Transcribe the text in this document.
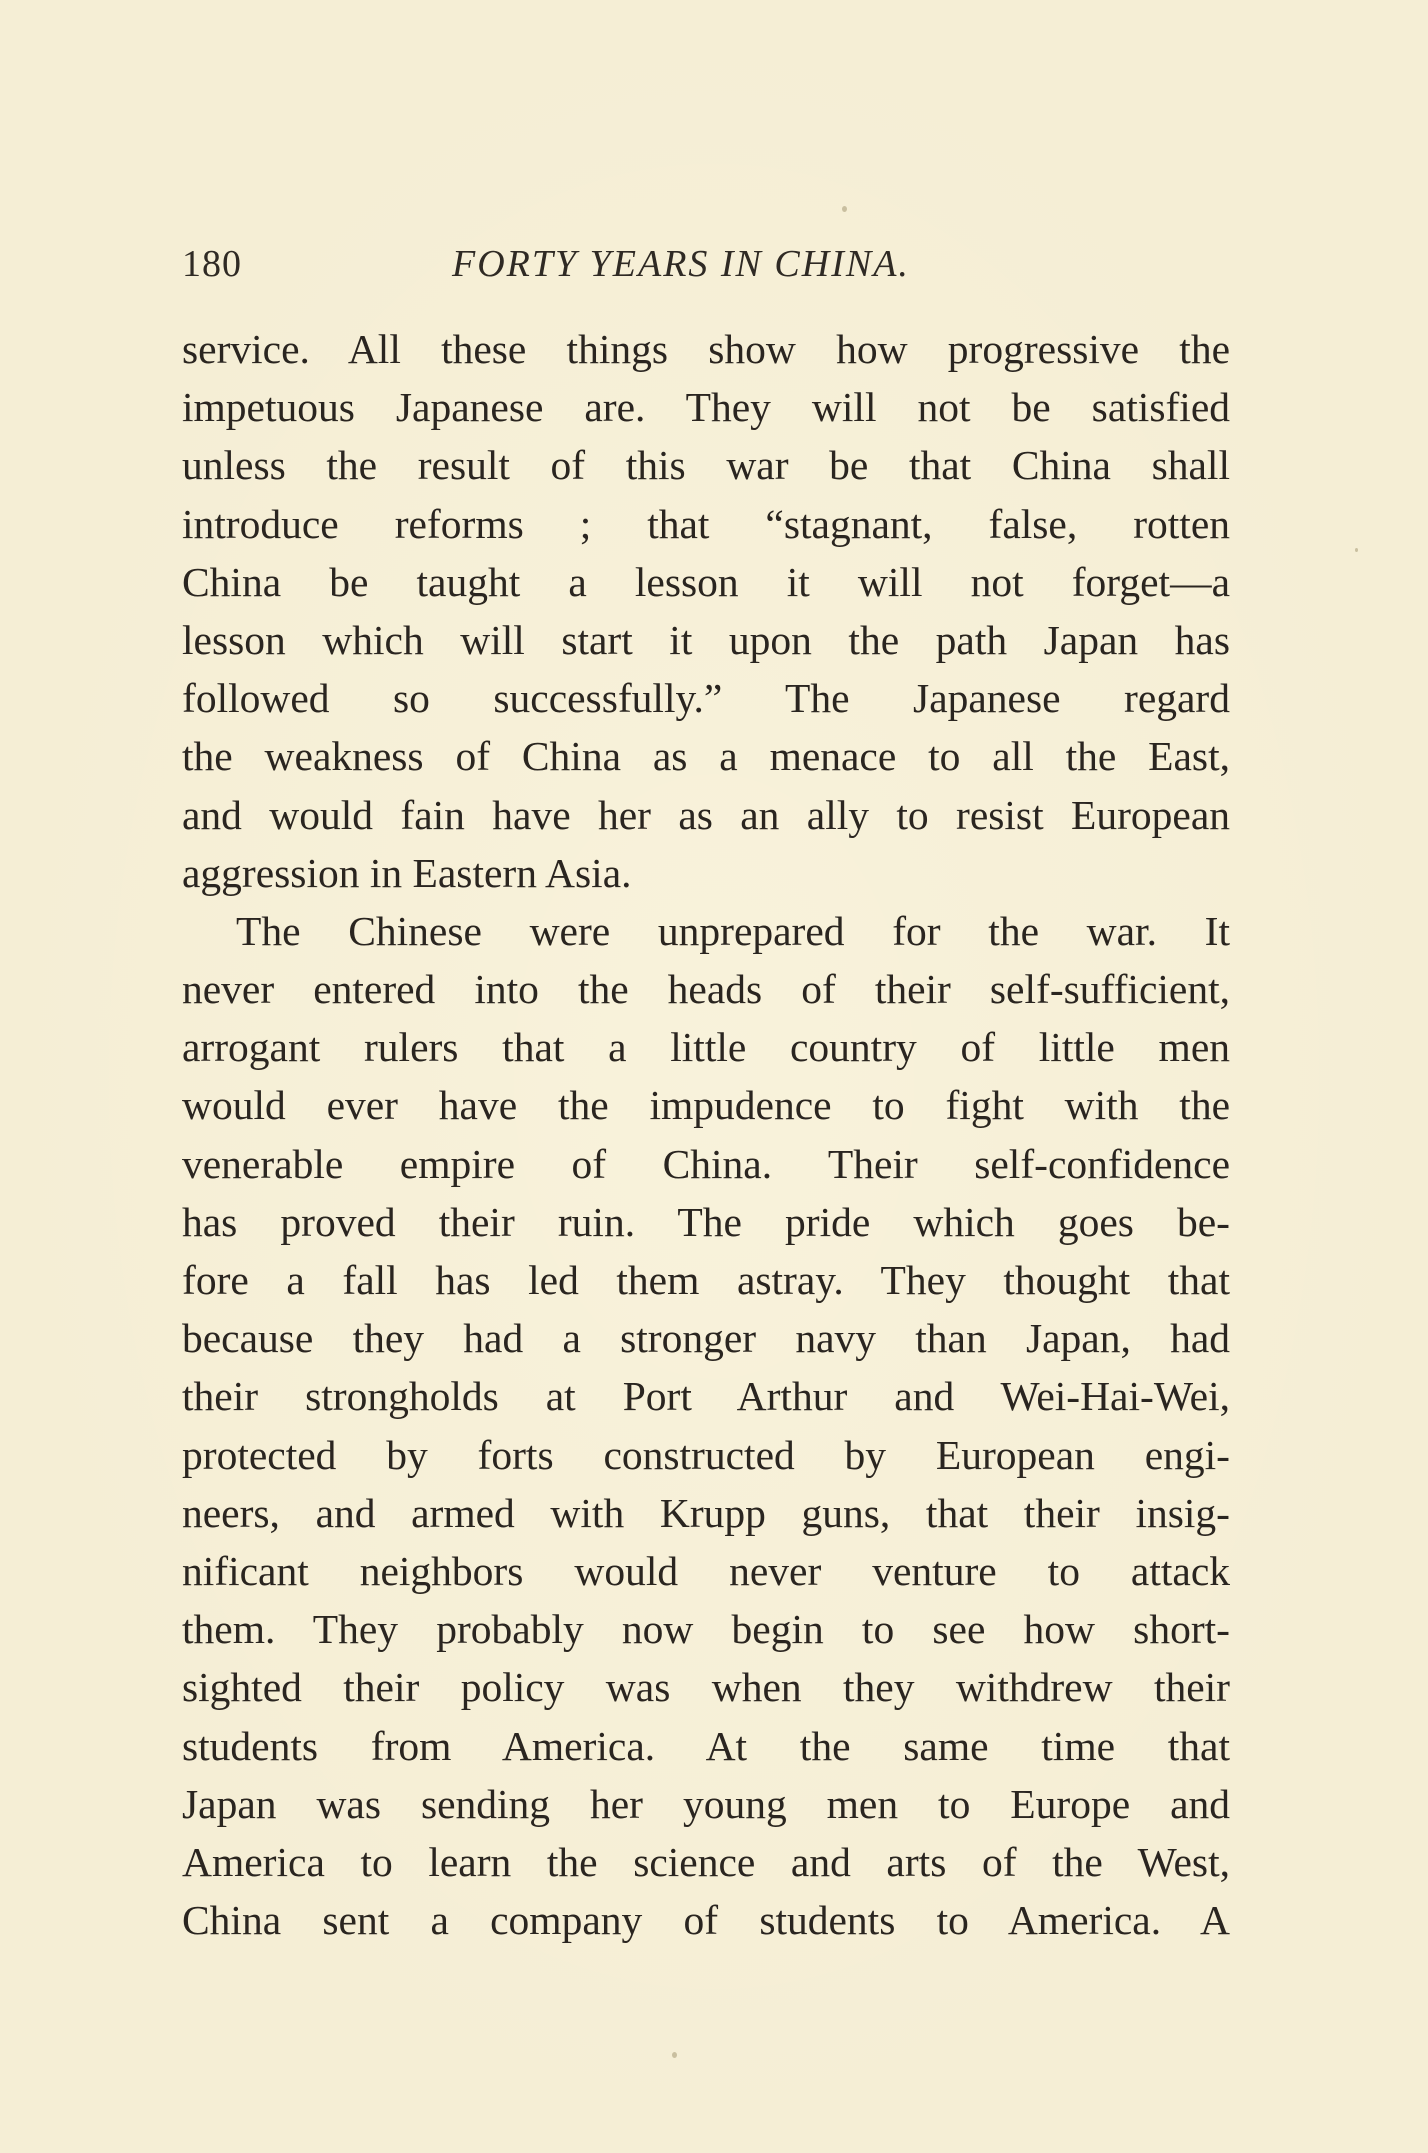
180	FORTY YEARS IN CHINA.
service. All these things show how progressive the
impetuous Japanese are. They will not be satisfied
unless the result of this war be that China shall
introduce reforms ; that “stagnant, false, rotten
China be taught a lesson it will not forget—a
lesson which will start it upon the path Japan has
followed so successfully.” The Japanese regard
the weakness of China as a menace to all the East,
and would fain have her as an ally to resist European
aggression in Eastern Asia.
The Chinese were unprepared for the war. It
never entered into the heads of their self-sufficient,
arrogant rulers that a little country of little men
would ever have the impudence to fight with the
venerable empire of China. Their self-confidence
has proved their ruin. The pride which goes be-
fore a fall has led them astray. They thought that
because they had a stronger navy than Japan, had
their strongholds at Port Arthur and Wei-Hai-Wei,
protected by forts constructed by European engi-
neers, and armed with Krupp guns, that their insig-
nificant neighbors would never venture to attack
them. They probably now begin to see how short-
sighted their policy was when they withdrew their
students from America. At the same time that
Japan was sending her young men to Europe and
America to learn the science and arts of the West,
China sent a company of students to America. A
